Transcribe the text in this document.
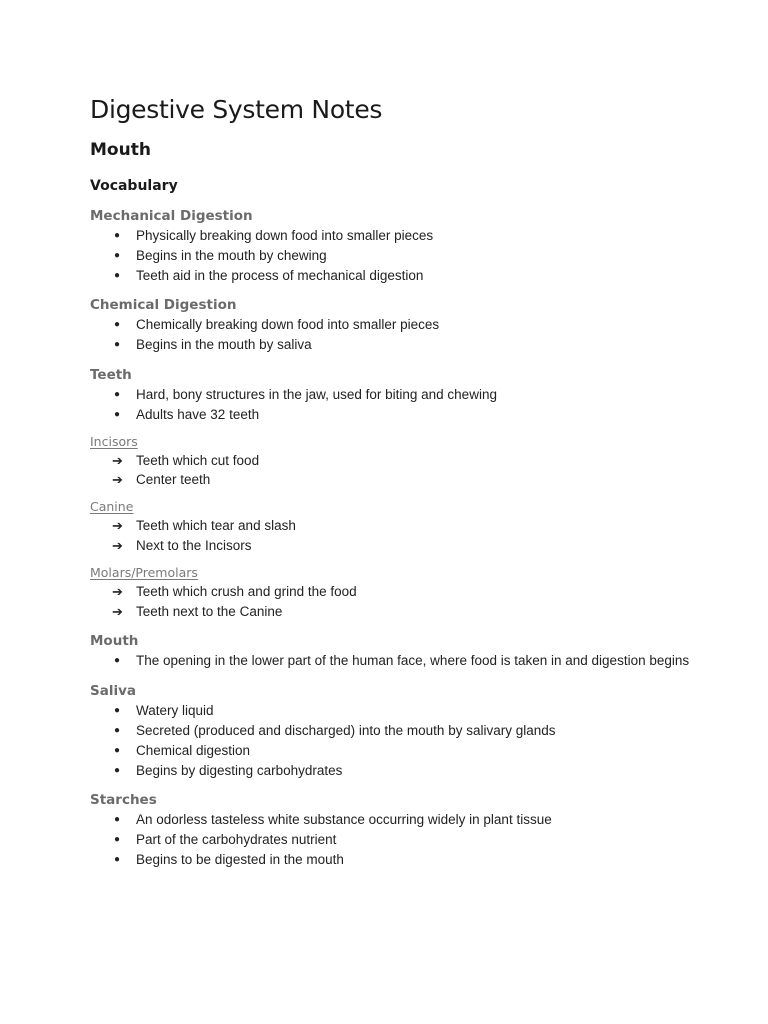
Digestive System Notes
Mouth
Vocabulary
Mechanical Digestion
● Physically breaking down food into smaller pieces
● Begins in the mouth by chewing
● Teeth aid in the process of mechanical digestion
Chemical Digestion
● Chemically breaking down food into smaller pieces
● Begins in the mouth by saliva
Teeth
● Hard, bony structures in the jaw, used for biting and chewing
● Adults have 32 teeth
Incisors
➔ Teeth which cut food
➔ Center teeth
Canine
➔ Teeth which tear and slash
➔ Next to the Incisors
Molars/Premolars
➔ Teeth which crush and grind the food
➔ Teeth next to the Canine
Mouth
● The opening in the lower part of the human face, where food is taken in and digestion begins
Saliva
● Watery liquid
● Secreted (produced and discharged) into the mouth by salivary glands
● Chemical digestion
● Begins by digesting carbohydrates
Starches
● An odorless tasteless white substance occurring widely in plant tissue
● Part of the carbohydrates nutrient
● Begins to be digested in the mouth
